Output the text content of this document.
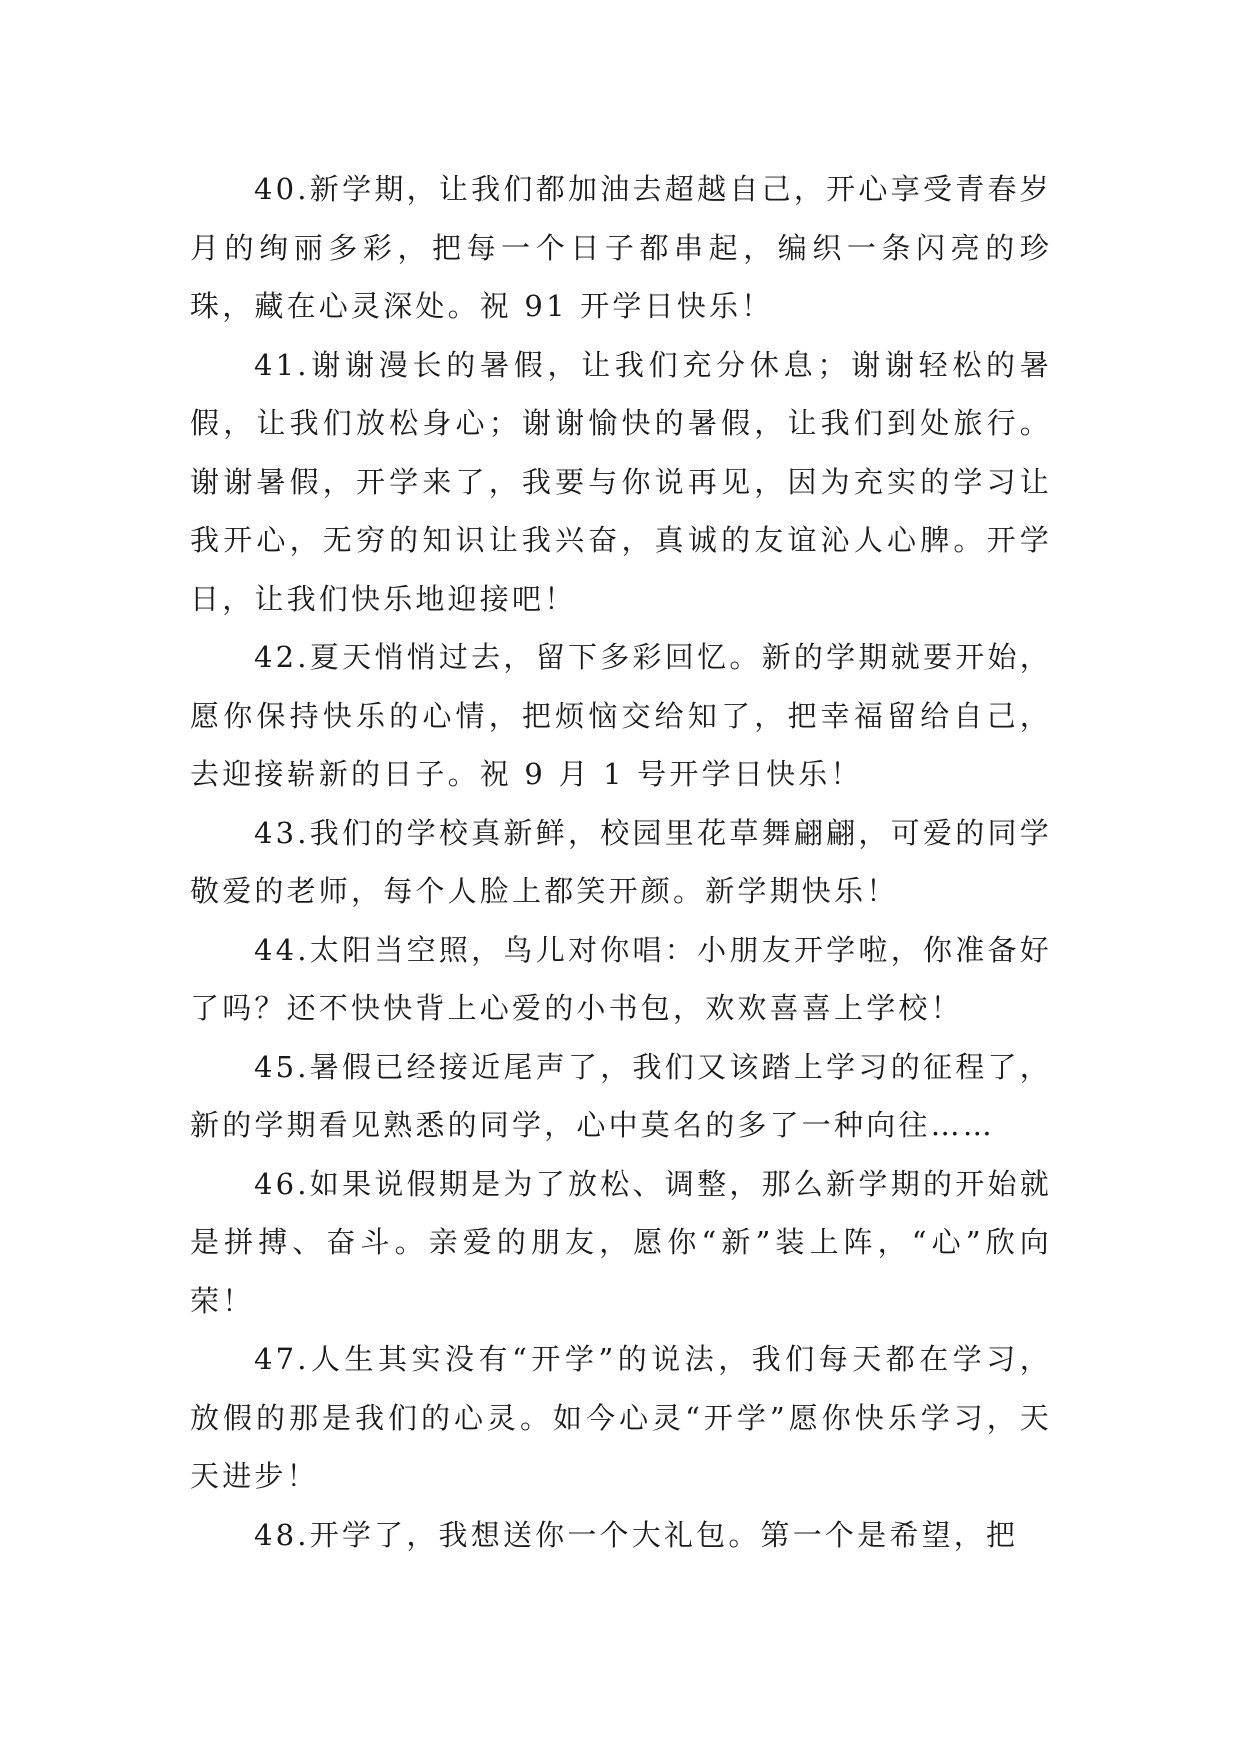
40.新学期，让我们都加油去超越自己，开心享受青春岁月的绚丽多彩，把每一个日子都串起，编织一条闪亮的珍珠，藏在心灵深处。祝 91 开学日快乐！

41.谢谢漫长的暑假，让我们充分休息；谢谢轻松的暑假，让我们放松身心；谢谢愉快的暑假，让我们到处旅行。谢谢暑假，开学来了，我要与你说再见，因为充实的学习让我开心，无穷的知识让我兴奋，真诚的友谊沁人心脾。开学日，让我们快乐地迎接吧！

42.夏天悄悄过去，留下多彩回忆。新的学期就要开始，愿你保持快乐的心情，把烦恼交给知了，把幸福留给自己，去迎接崭新的日子。祝 9 月 1 号开学日快乐！

43.我们的学校真新鲜，校园里花草舞翩翩，可爱的同学敬爱的老师，每个人脸上都笑开颜。新学期快乐！

44.太阳当空照，鸟儿对你唱：小朋友开学啦，你准备好了吗？还不快快背上心爱的小书包，欢欢喜喜上学校！

45.暑假已经接近尾声了，我们又该踏上学习的征程了，新的学期看见熟悉的同学，心中莫名的多了一种向往……

46.如果说假期是为了放松、调整，那么新学期的开始就是拼搏、奋斗。亲爱的朋友，愿你“新”装上阵，“心”欣向荣！

47.人生其实没有“开学”的说法，我们每天都在学习，放假的那是我们的心灵。如今心灵“开学”愿你快乐学习，天天进步！

48.开学了，我想送你一个大礼包。第一个是希望，把
